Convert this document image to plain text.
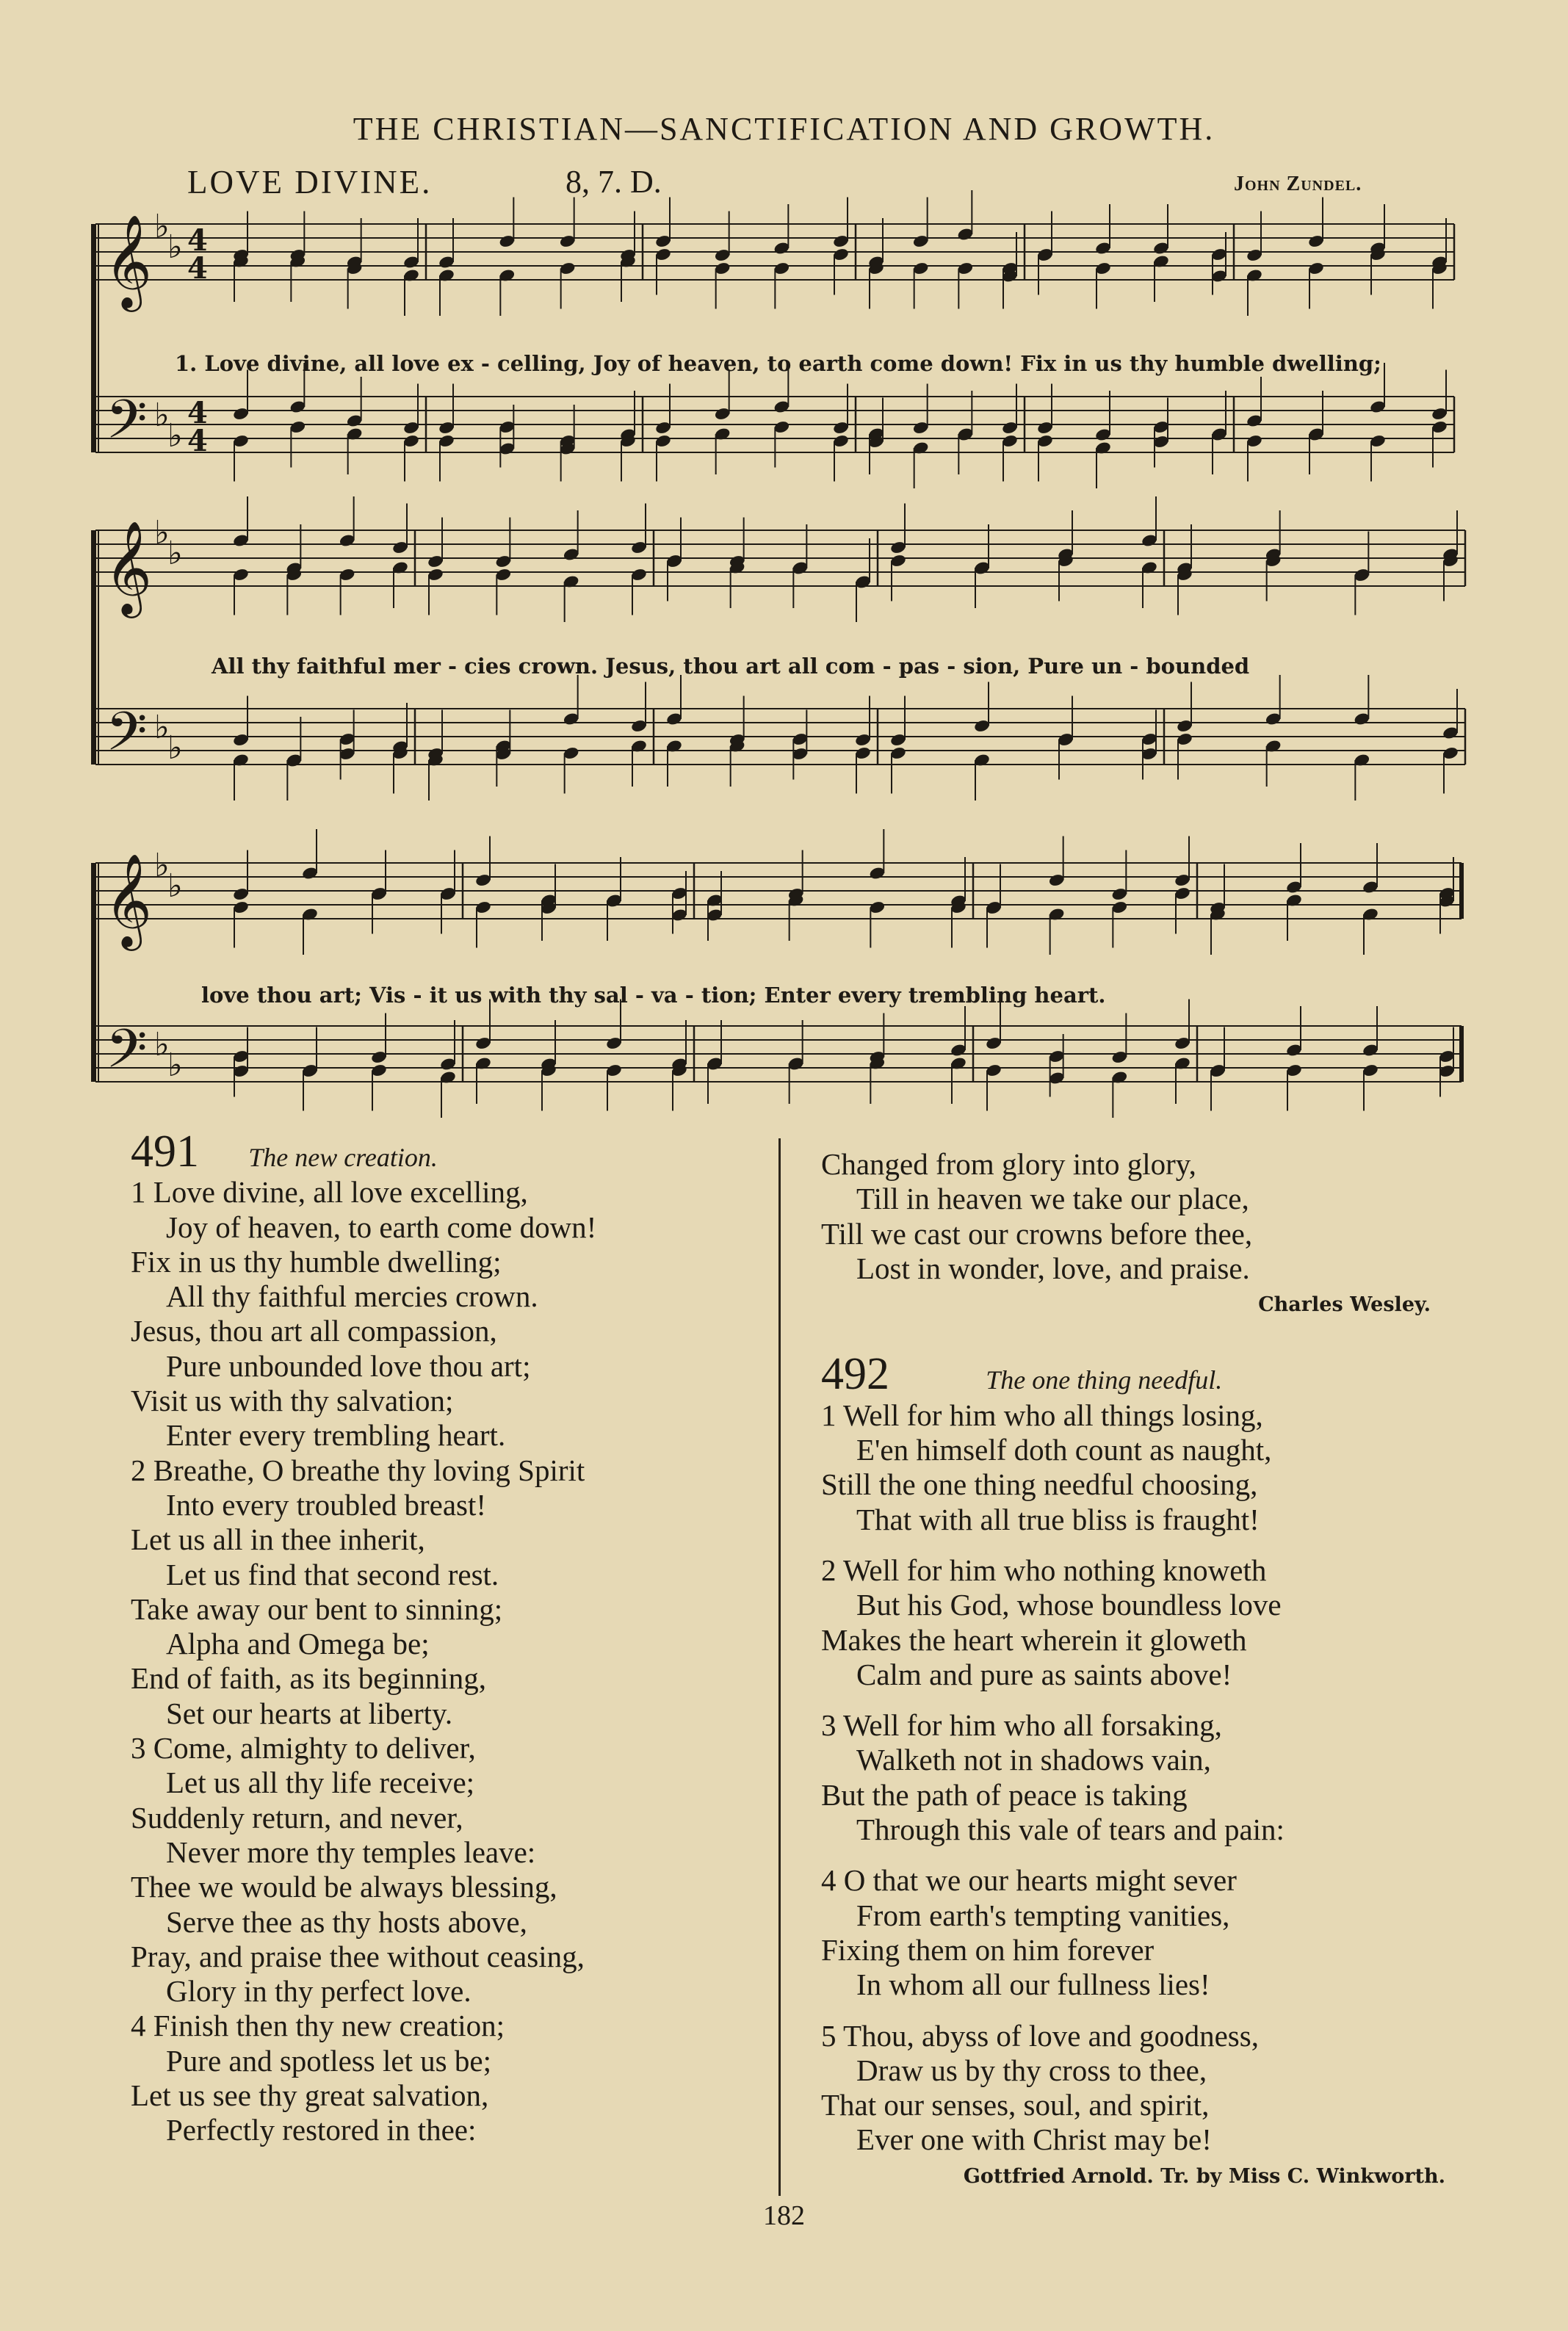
THE CHRISTIAN—SANCTIFICATION AND GROWTH.
LOVE DIVINE.	8, 7. D.	John Zundel.
𝄞
𝄢
♭
♭
♭
♭
4
4
4
4
𝄞
𝄢
♭
♭
♭
♭
𝄞
𝄢
♭
♭
♭
♭
1. Love divine, all love ex - celling, Joy of heaven, to earth come down! Fix in us thy humble dwelling;
All thy faithful mer - cies crown. Jesus, thou art all com - pas - sion, Pure un - bounded
love thou art; Vis - it us with thy sal - va - tion; Enter every trembling heart.
491 The new creation.
1 Love divine, all love excelling,
Joy of heaven, to earth come down!
Fix in us thy humble dwelling;
All thy faithful mercies crown.
Jesus, thou art all compassion,
Pure unbounded love thou art;
Visit us with thy salvation;
Enter every trembling heart.
2 Breathe, O breathe thy loving Spirit
Into every troubled breast!
Let us all in thee inherit,
Let us find that second rest.
Take away our bent to sinning;
Alpha and Omega be;
End of faith, as its beginning,
Set our hearts at liberty.
3 Come, almighty to deliver,
Let us all thy life receive;
Suddenly return, and never,
Never more thy temples leave:
Thee we would be always blessing,
Serve thee as thy hosts above,
Pray, and praise thee without ceasing,
Glory in thy perfect love.
4 Finish then thy new creation;
Pure and spotless let us be;
Let us see thy great salvation,
Perfectly restored in thee:
Changed from glory into glory,
Till in heaven we take our place,
Till we cast our crowns before thee,
Lost in wonder, love, and praise.
Charles Wesley.
492	The one thing needful.
1 Well for him who all things losing,
E'en himself doth count as naught,
Still the one thing needful choosing,
That with all true bliss is fraught!
2 Well for him who nothing knoweth
But his God, whose boundless love
Makes the heart wherein it gloweth
Calm and pure as saints above!
3 Well for him who all forsaking,
Walketh not in shadows vain,
But the path of peace is taking
Through this vale of tears and pain:
4 O that we our hearts might sever
From earth's tempting vanities,
Fixing them on him forever
In whom all our fullness lies!
5 Thou, abyss of love and goodness,
Draw us by thy cross to thee,
That our senses, soul, and spirit,
Ever one with Christ may be!
Gottfried Arnold. Tr. by Miss C. Winkworth.
182
